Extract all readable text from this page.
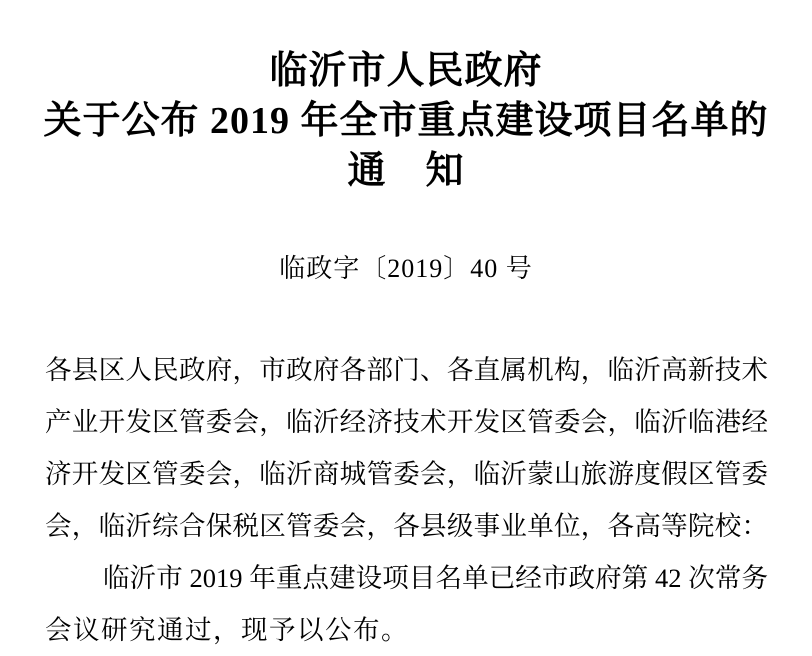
临沂市人民政府
关于公布 2019 年全市重点建设项目名单的
通　知
临政字〔2019〕40 号
各县区人民政府，市政府各部门、各直属机构，临沂高新技术
产业开发区管委会，临沂经济技术开发区管委会，临沂临港经
济开发区管委会，临沂商城管委会，临沂蒙山旅游度假区管委
会，临沂综合保税区管委会，各县级事业单位，各高等院校：
临沂市 2019 年重点建设项目名单已经市政府第 42 次常务
会议研究通过，现予以公布。
